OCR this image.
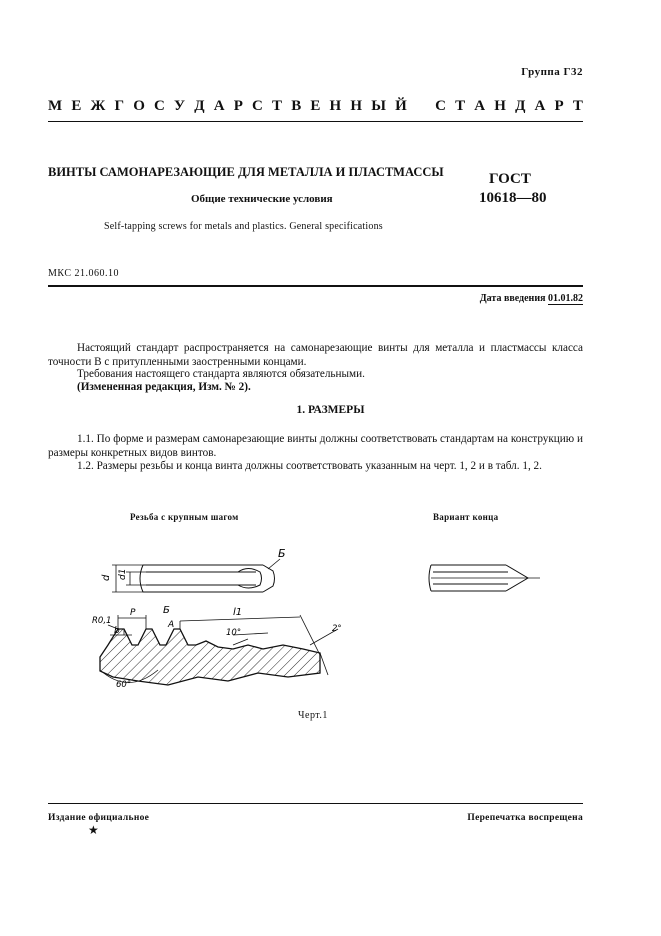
Группа Г32
М Е Ж Г О С У Д А Р С Т В Е Н Н Ы Й
С Т А Н Д А Р Т
ВИНТЫ САМОНАРЕЗАЮЩИЕ ДЛЯ МЕТАЛЛА И ПЛАСТМАССЫ
Общие технические условия
Self-tapping screws for metals and plastics. General specifications
ГОСТ
10618—80
МКС 21.060.10
Дата введения 01.01.82
Настоящий стандарт распространяется на самонарезающие винты для металла и пластмассы класса точности В с притупленными заостренными концами.
Требования настоящего стандарта являются обязательными.
(Измененная редакция, Изм. № 2).
1. РАЗМЕРЫ
1.1. По форме и размерам самонарезающие винты должны соответствовать стандартам на конструкцию и размеры конкретных видов винтов.
1.2. Размеры резьбы и конца винта должны соответствовать указанным на черт. 1, 2 и в табл. 1, 2.
Резьба с крупным шагом	Вариант конца
d d1
Б
R0,1
b
P	Б
A
l1
10°	2°
60°
Черт.1
Издание официальное	Перепечатка воспрещена
★
